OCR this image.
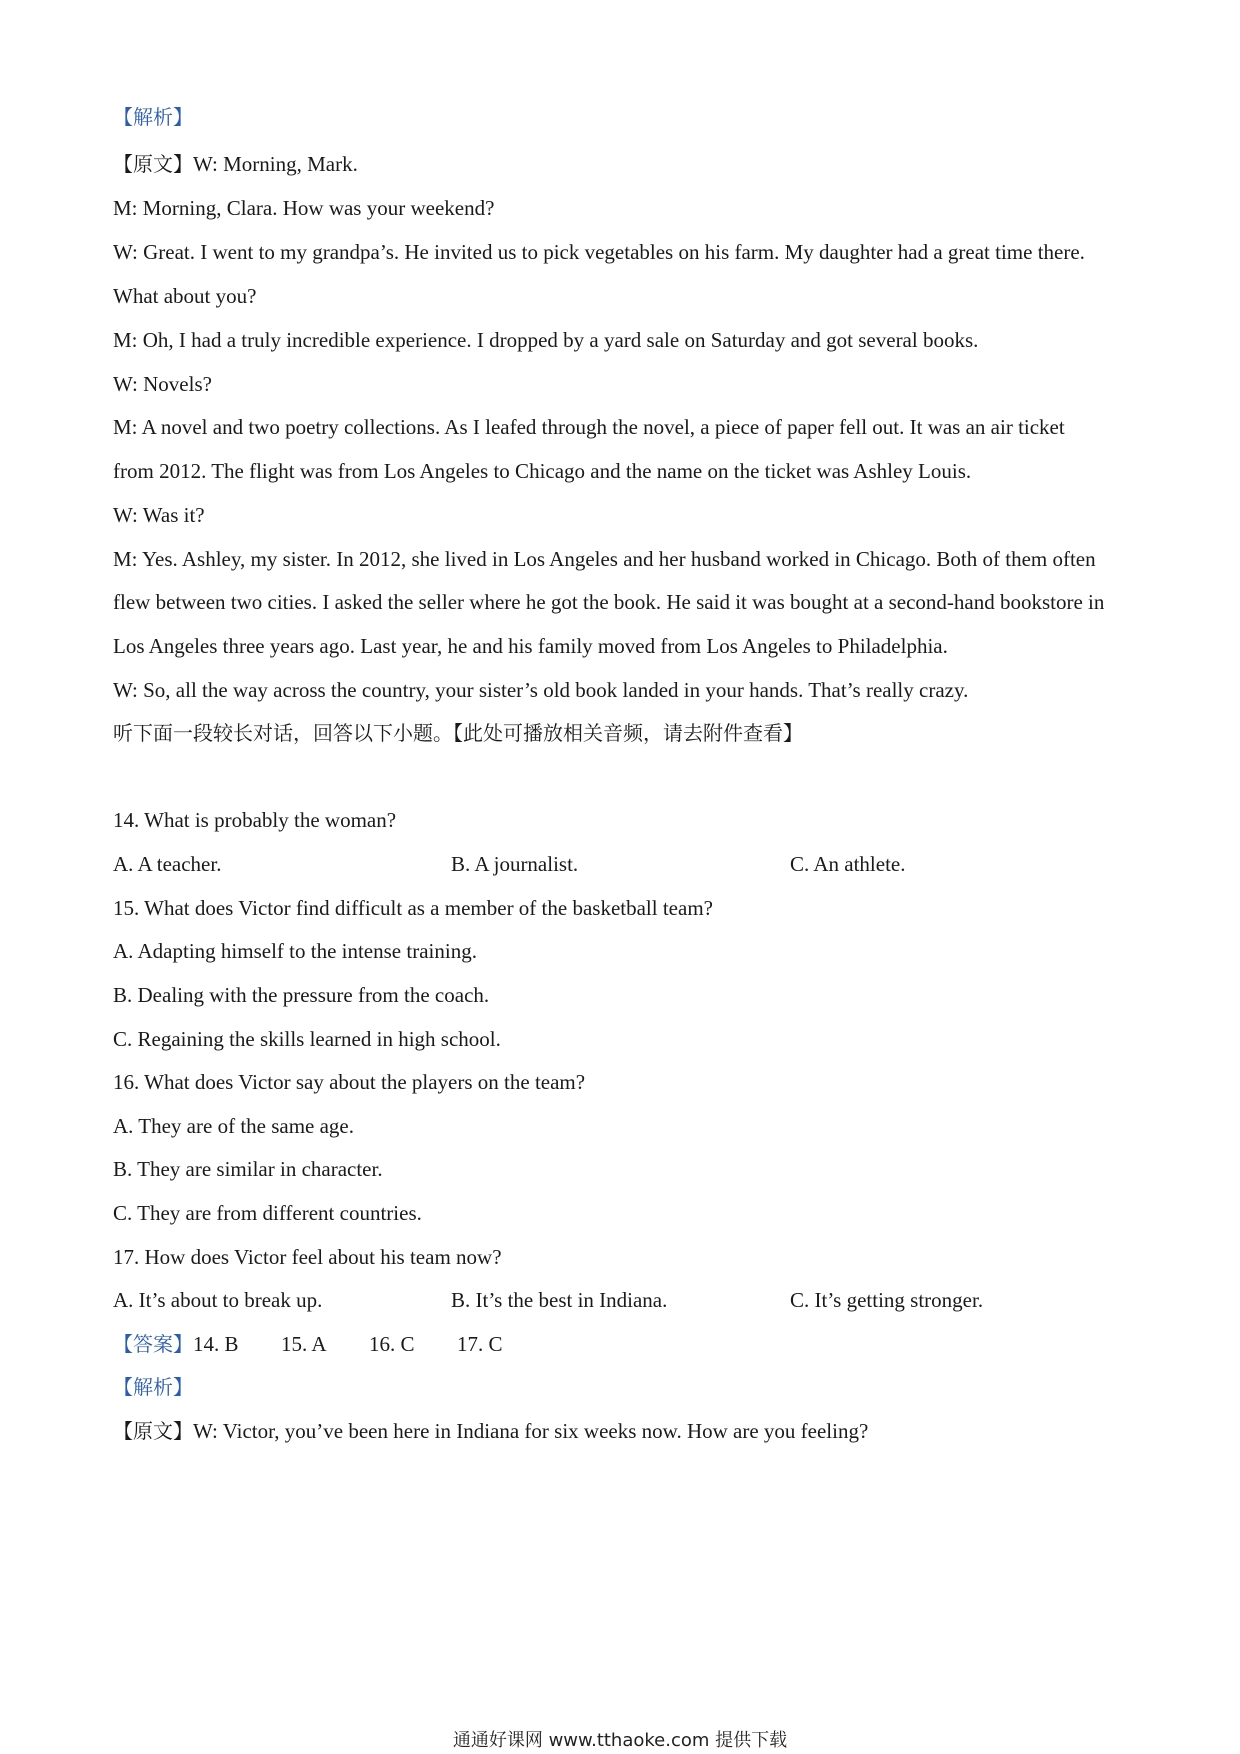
【解析】
【原文】W: Morning, Mark.
M: Morning, Clara. How was your weekend?
W: Great. I went to my grandpa’s. He invited us to pick vegetables on his farm. My daughter had a great time there.
What about you?
M: Oh, I had a truly incredible experience. I dropped by a yard sale on Saturday and got several books.
W: Novels?
M: A novel and two poetry collections. As I leafed through the novel, a piece of paper fell out. It was an air ticket
from 2012. The flight was from Los Angeles to Chicago and the name on the ticket was Ashley Louis.
W: Was it?
M: Yes. Ashley, my sister. In 2012, she lived in Los Angeles and her husband worked in Chicago. Both of them often
flew between two cities. I asked the seller where he got the book. He said it was bought at a second-hand bookstore in
Los Angeles three years ago. Last year, he and his family moved from Los Angeles to Philadelphia.
W: So, all the way across the country, your sister’s old book landed in your hands. That’s really crazy.
听下面一段较长对话，回答以下小题。【此处可播放相关音频，请去附件查看】
14. What is probably the woman?
A. A teacher.	B. A journalist.	C. An athlete.
15. What does Victor find difficult as a member of the basketball team?
A. Adapting himself to the intense training.
B. Dealing with the pressure from the coach.
C. Regaining the skills learned in high school.
16. What does Victor say about the players on the team?
A. They are of the same age.
B. They are similar in character.
C. They are from different countries.
17. How does Victor feel about his team now?
A. It’s about to break up.	B. It’s the best in Indiana.	C. It’s getting stronger.
【答案】14. B 15. A 16. C 17. C
【解析】
【原文】W: Victor, you’ve been here in Indiana for six weeks now. How are you feeling?
通通好课网 www.tthaoke.com 提供下载
